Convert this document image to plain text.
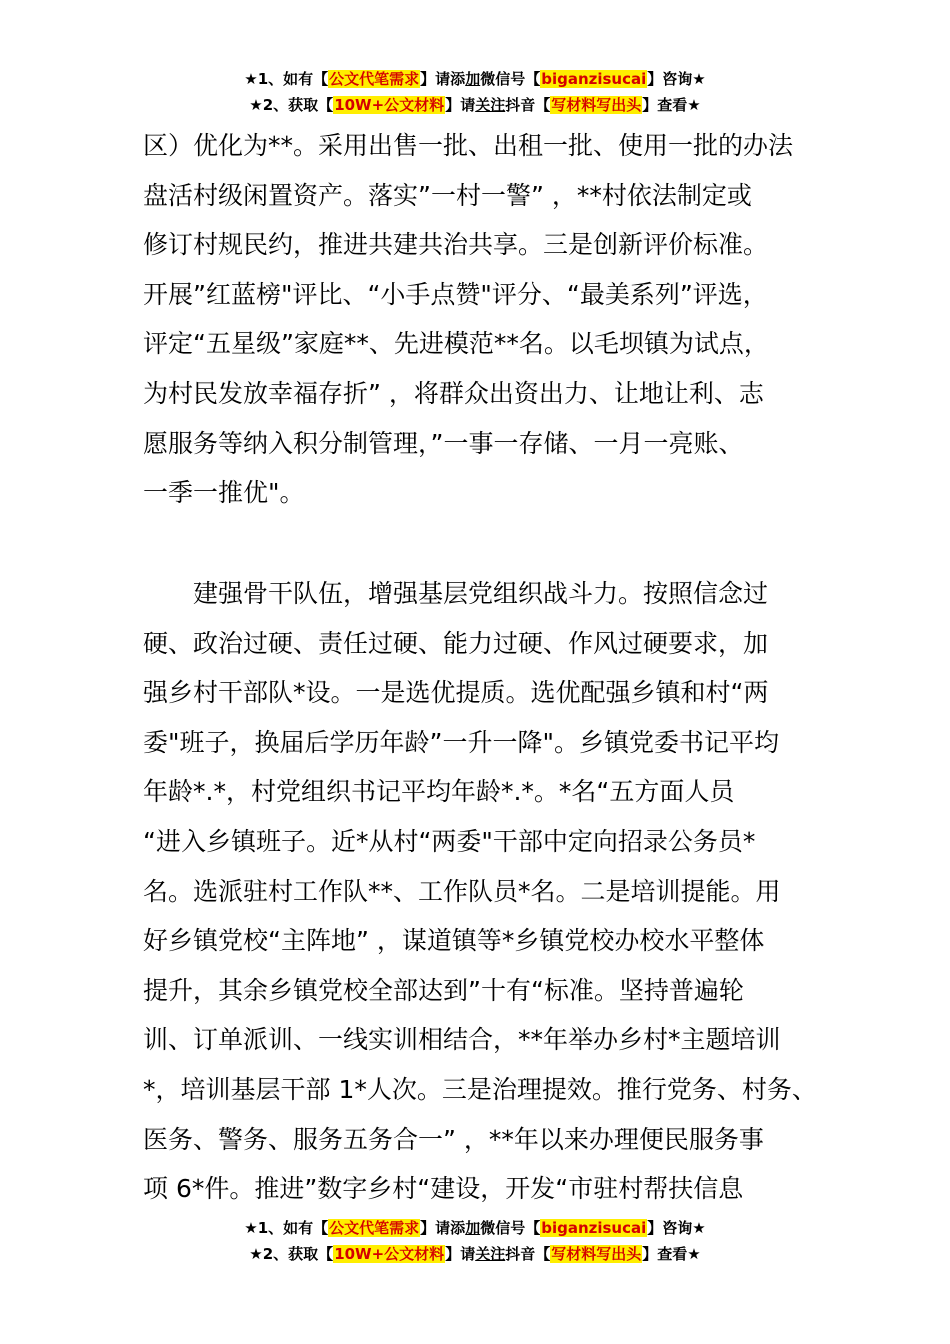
★1、如有【公文代笔需求】请添加微信号【biganzisucai】咨询★
★2、获取【10W+公文材料】请关注抖音【写材料写出头】查看★
区）优化为**。采用出售一批、出租一批、使用一批的办法
盘活村级闲置资产。落实”一村一警” ，**村依法制定或
修订村规民约，推进共建共治共享。三是创新评价标准。
开展”红蓝榜"评比、“小手点赞"评分、“最美系列”评选，
评定“五星级”家庭**、先进模范**名。以毛坝镇为试点，
为村民发放幸福存折” ，将群众出资出力、让地让利、志
愿服务等纳入积分制管理，”一事一存储、一月一亮账、
一季一推优"。
建强骨干队伍，增强基层党组织战斗力。按照信念过
硬、政治过硬、责任过硬、能力过硬、作风过硬要求，加
强乡村干部队*设。一是选优提质。选优配强乡镇和村“两
委"班子，换届后学历年龄”一升一降"。乡镇党委书记平均
年龄*.*，村党组织书记平均年龄*.*。*名“五方面人员
“进入乡镇班子。近*从村“两委"干部中定向招录公务员*
名。选派驻村工作队**、工作队员*名。二是培训提能。用
好乡镇党校“主阵地” ，谋道镇等*乡镇党校办校水平整体
提升，其余乡镇党校全部达到”十有“标准。坚持普遍轮
训、订单派训、一线实训相结合，**年举办乡村*主题培训
*，培训基层干部 1*人次。三是治理提效。推行党务、村务、
医务、警务、服务五务合一” ，**年以来办理便民服务事
项 6*件。推进”数字乡村“建设，开发“市驻村帮扶信息
★1、如有【公文代笔需求】请添加微信号【biganzisucai】咨询★
★2、获取【10W+公文材料】请关注抖音【写材料写出头】查看★
